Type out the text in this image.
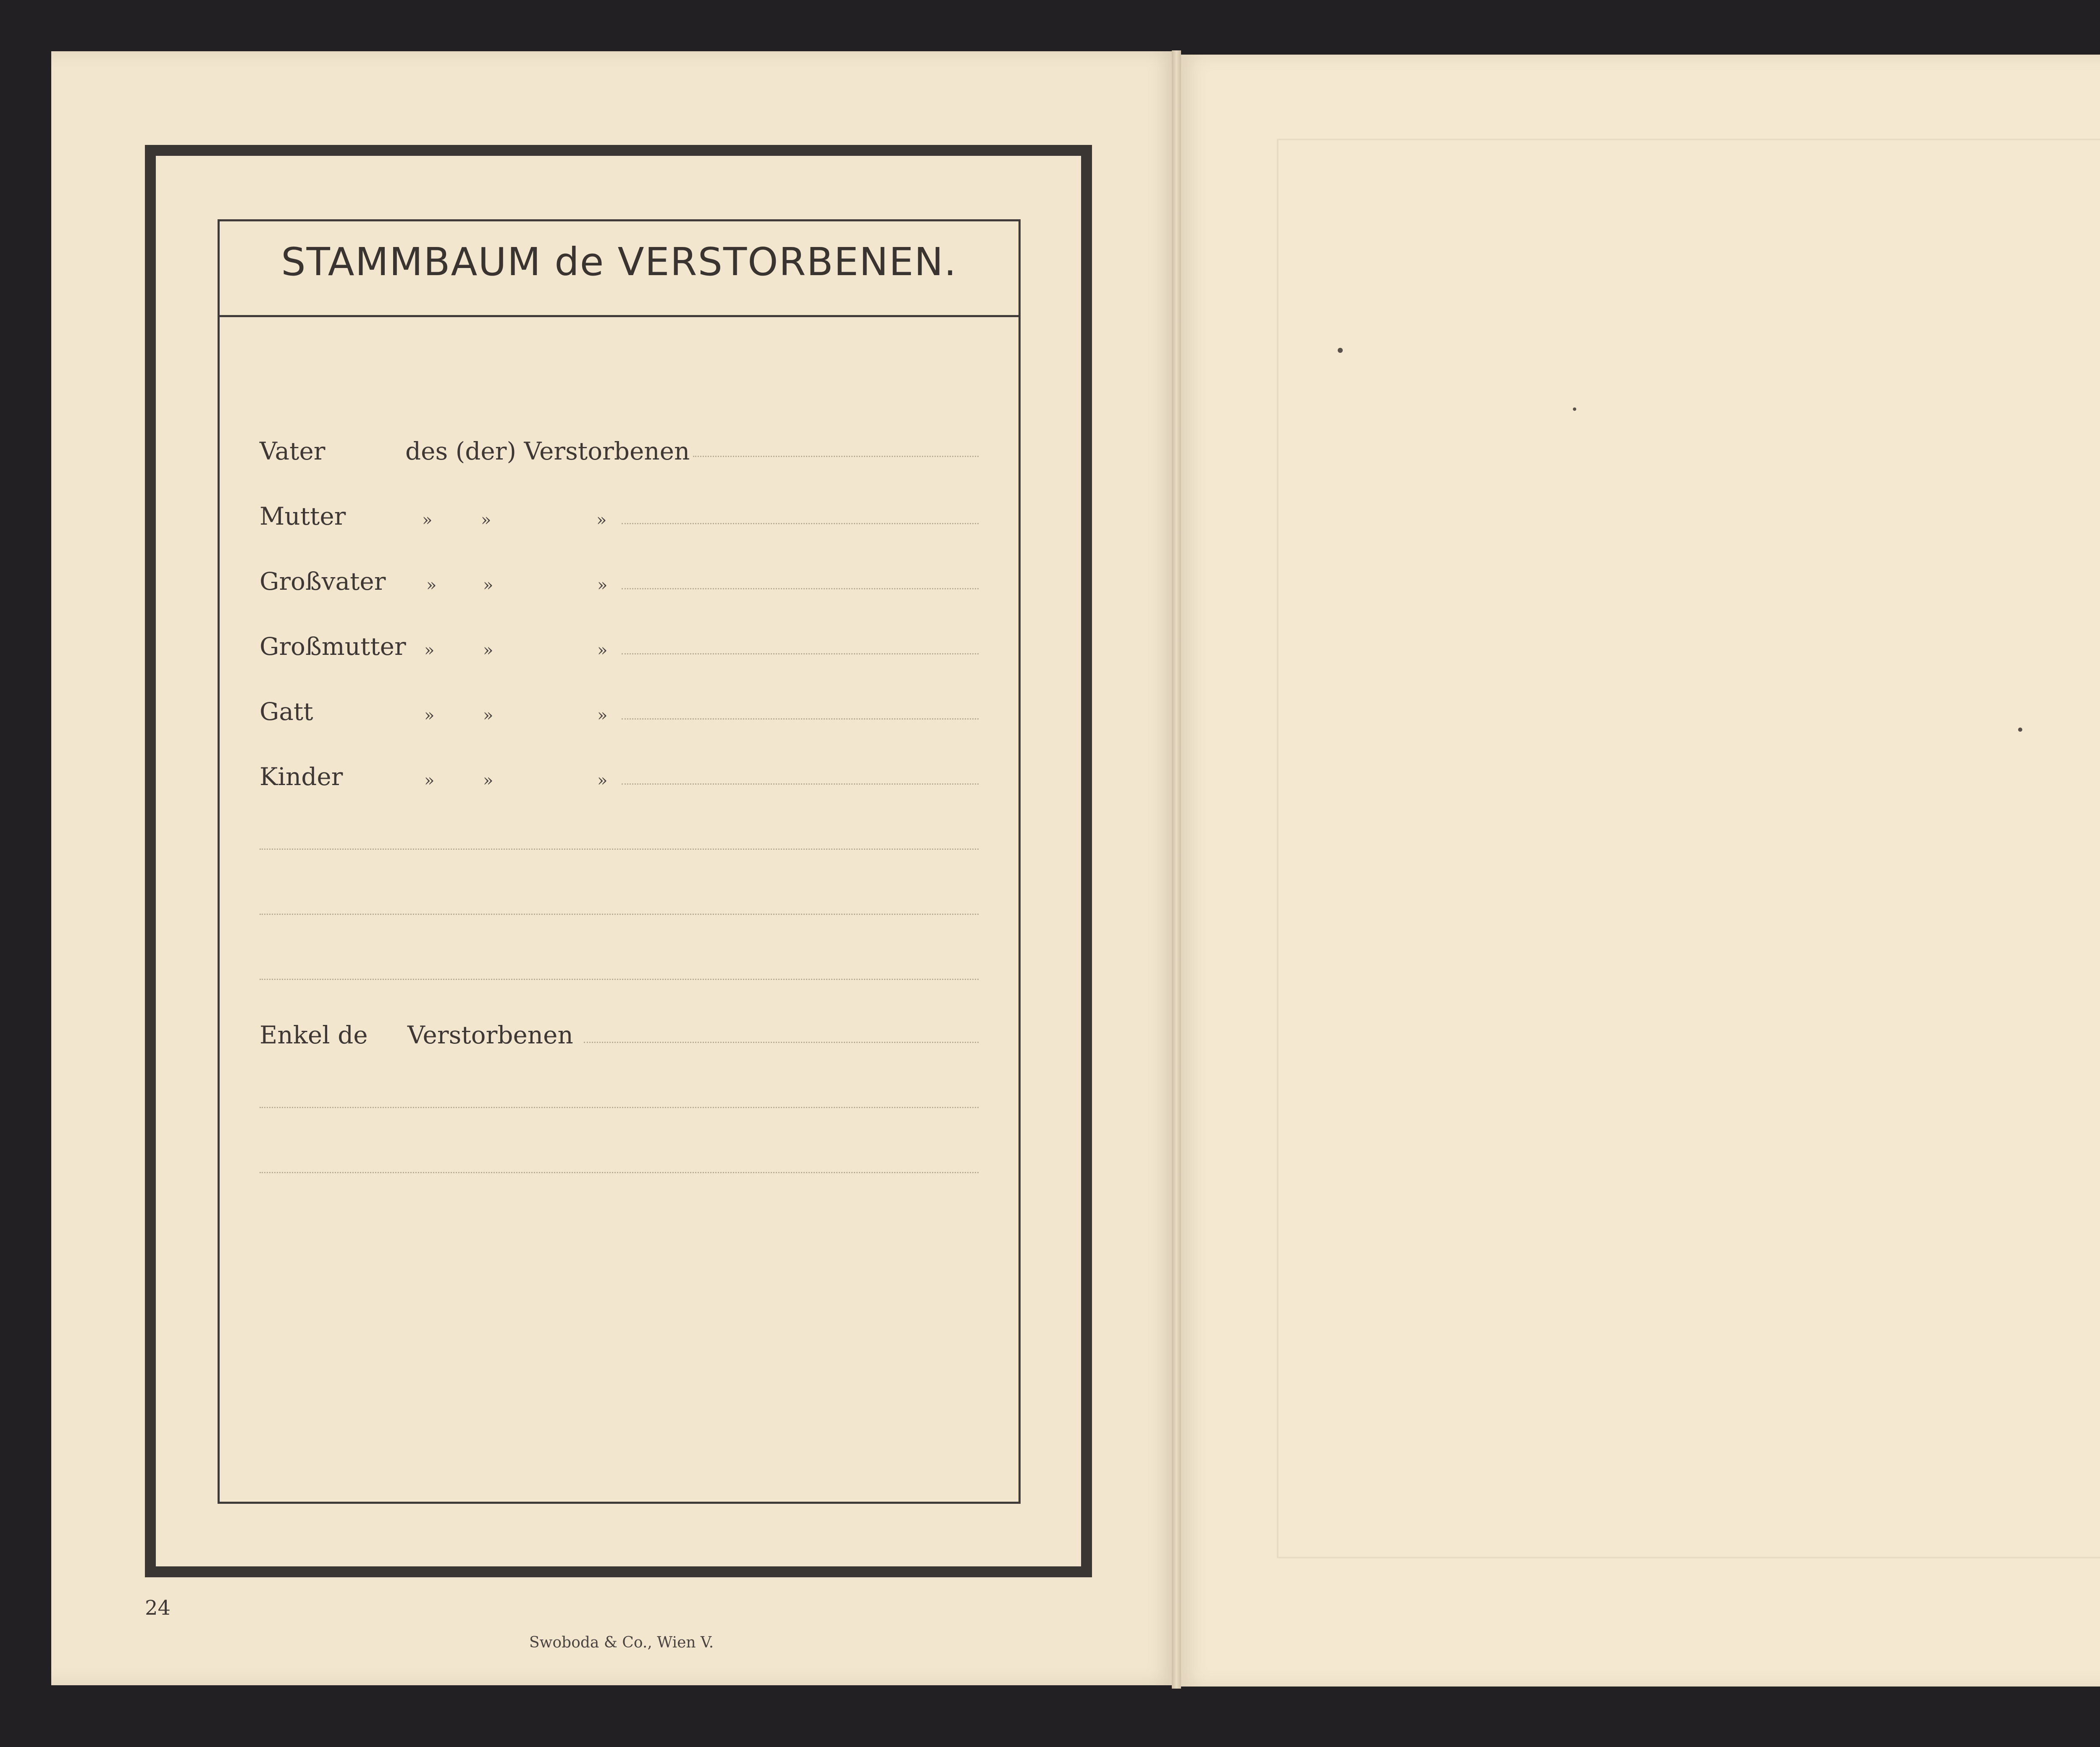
STAMMBAUM de VERSTORBENEN.
Vater	des (der) Verstorbenen
Mutter	»	»	»
Großvater »	»	»
Großmutter »	»	»
Gatt	»	»	»
Kinder	»	»	»
Enkel de Verstorbenen
24
Swoboda & Co., Wien V.
